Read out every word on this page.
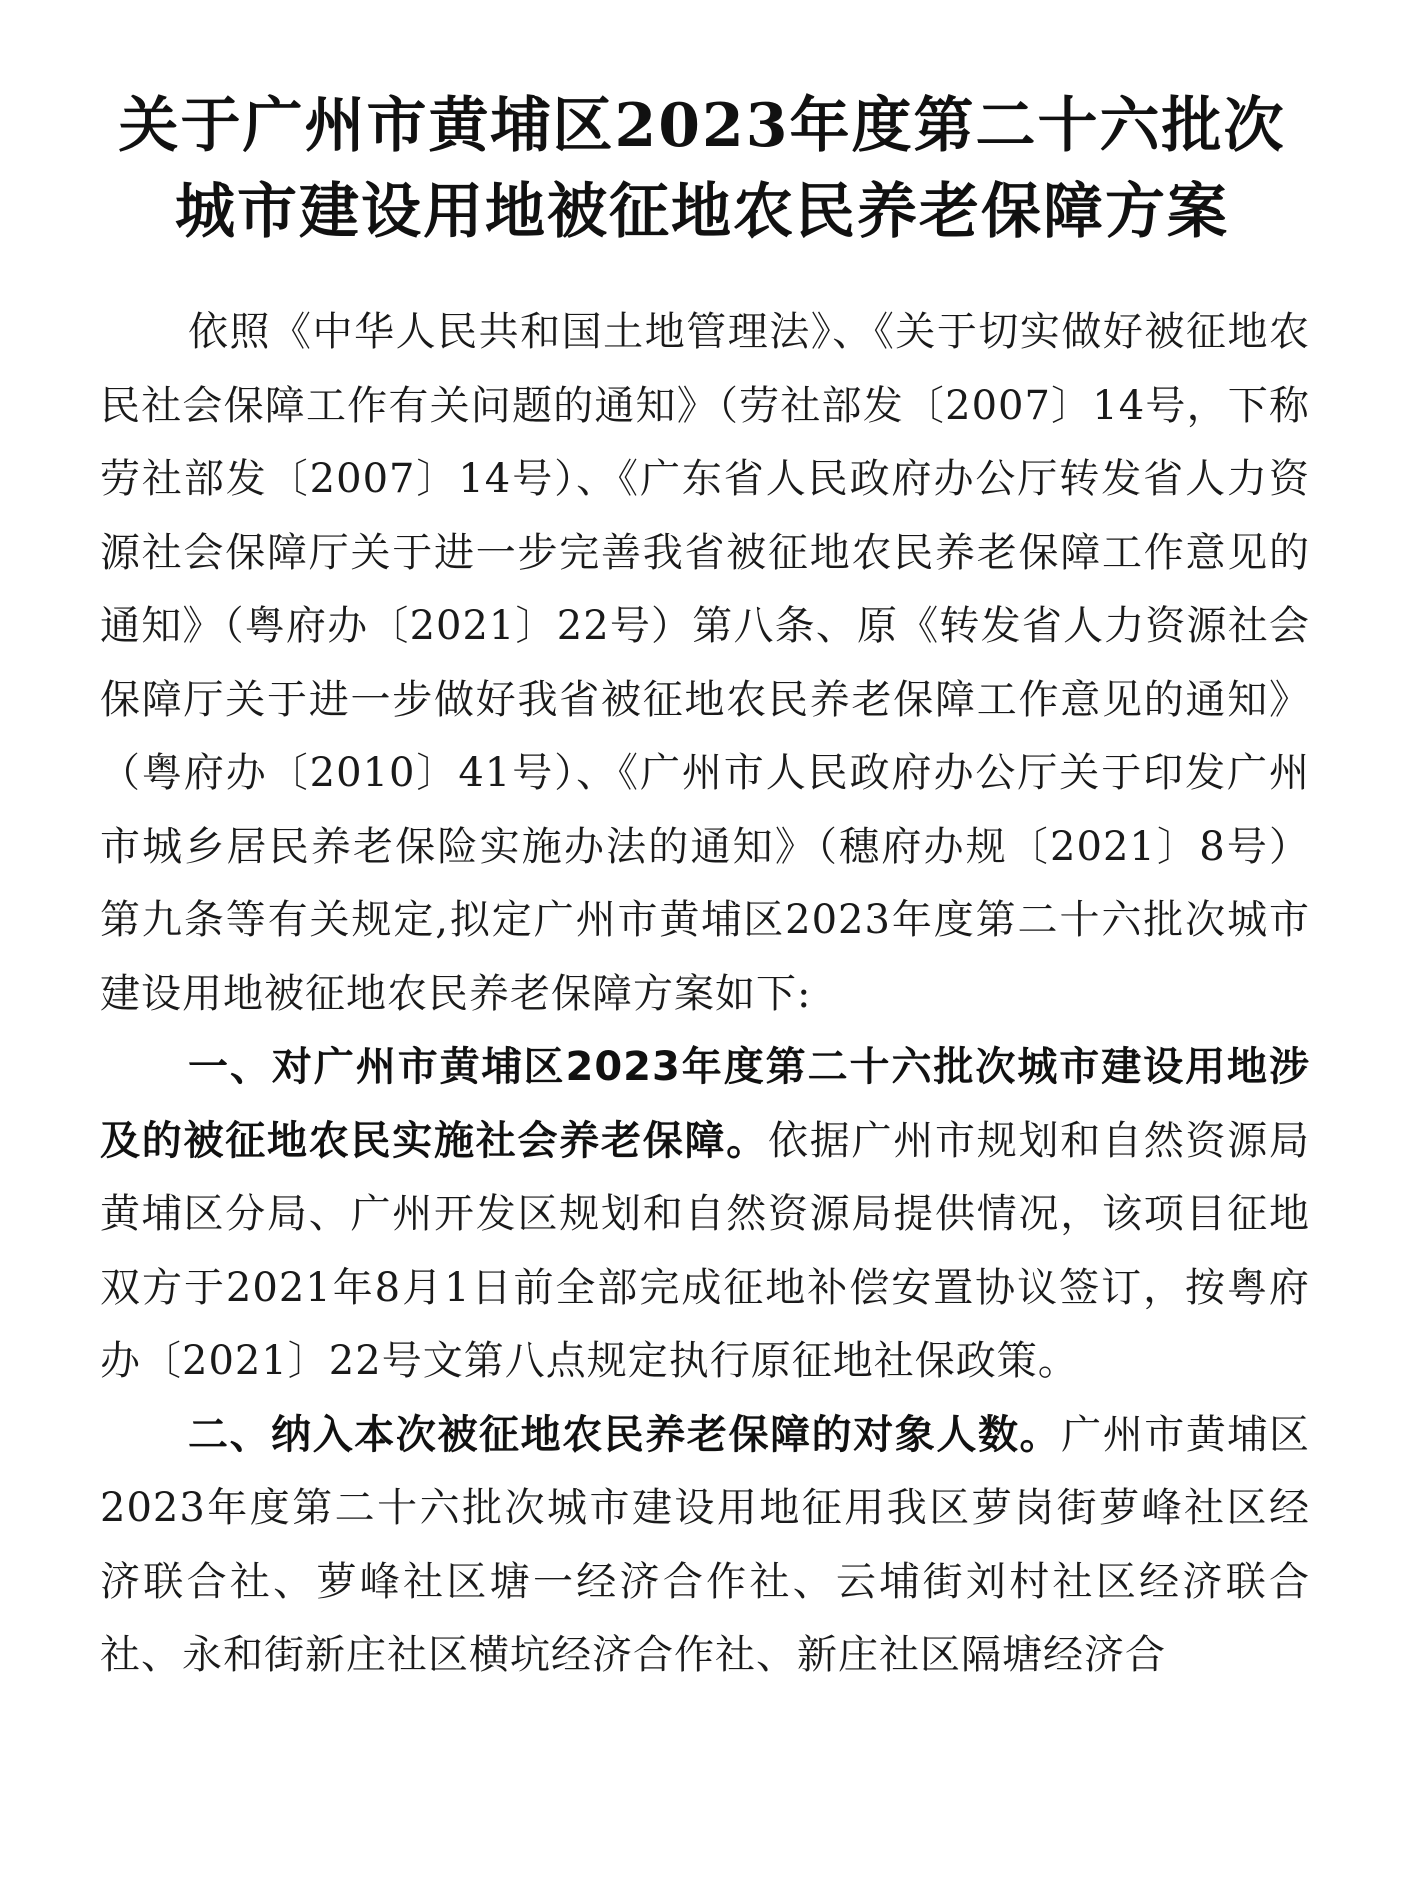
关于广州市黄埔区2023年度第二十六批次
城市建设用地被征地农民养老保障方案

依照《中华人民共和国土地管理法》、《关于切实做好被征地农民社会保障工作有关问题的通知》（劳社部发〔2007〕14号，下称劳社部发〔2007〕14号）、《广东省人民政府办公厅转发省人力资源社会保障厅关于进一步完善我省被征地农民养老保障工作意见的通知》（粤府办〔2021〕22号）第八条、原《转发省人力资源社会保障厅关于进一步做好我省被征地农民养老保障工作意见的通知》（粤府办〔2010〕41号）、《广州市人民政府办公厅关于印发广州市城乡居民养老保险实施办法的通知》（穗府办规〔2021〕8号）第九条等有关规定,拟定广州市黄埔区2023年度第二十六批次城市建设用地被征地农民养老保障方案如下:

一、对广州市黄埔区2023年度第二十六批次城市建设用地涉及的被征地农民实施社会养老保障。依据广州市规划和自然资源局黄埔区分局、广州开发区规划和自然资源局提供情况，该项目征地双方于2021年8月1日前全部完成征地补偿安置协议签订，按粤府办〔2021〕22号文第八点规定执行原征地社保政策。

二、纳入本次被征地农民养老保障的对象人数。广州市黄埔区2023年度第二十六批次城市建设用地征用我区萝岗街萝峰社区经济联合社、萝峰社区塘一经济合作社、云埔街刘村社区经济联合社、永和街新庄社区横坑经济合作社、新庄社区隔塘经济合
